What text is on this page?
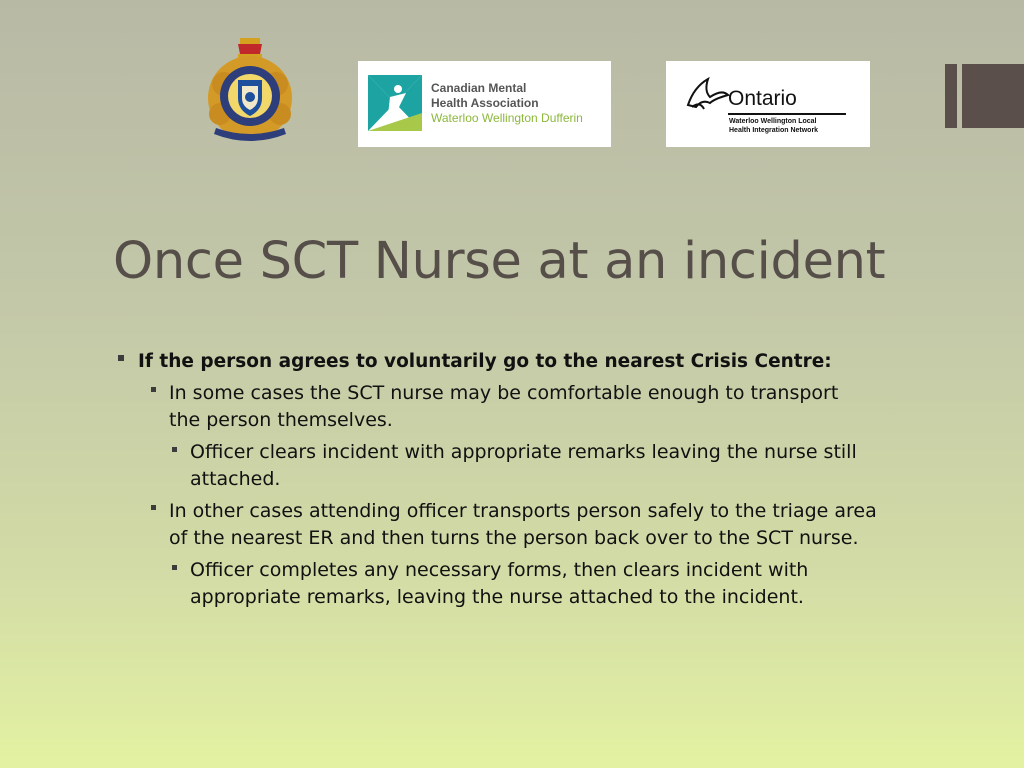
Canadian Mental
Health Association
Waterloo Wellington Dufferin
Ontario
Waterloo Wellington Local
Health Integration Network
Once SCT Nurse at an incident
If the person agrees to voluntarily go to the nearest Crisis Centre:
In some cases the SCT nurse may be comfortable enough to transport
the person themselves.
Officer clears incident with appropriate remarks leaving the nurse still
attached.
In other cases attending officer transports person safely to the triage area
of the nearest ER and then turns the person back over to the SCT nurse.
Officer completes any necessary forms, then clears incident with
appropriate remarks, leaving the nurse attached to the incident.
